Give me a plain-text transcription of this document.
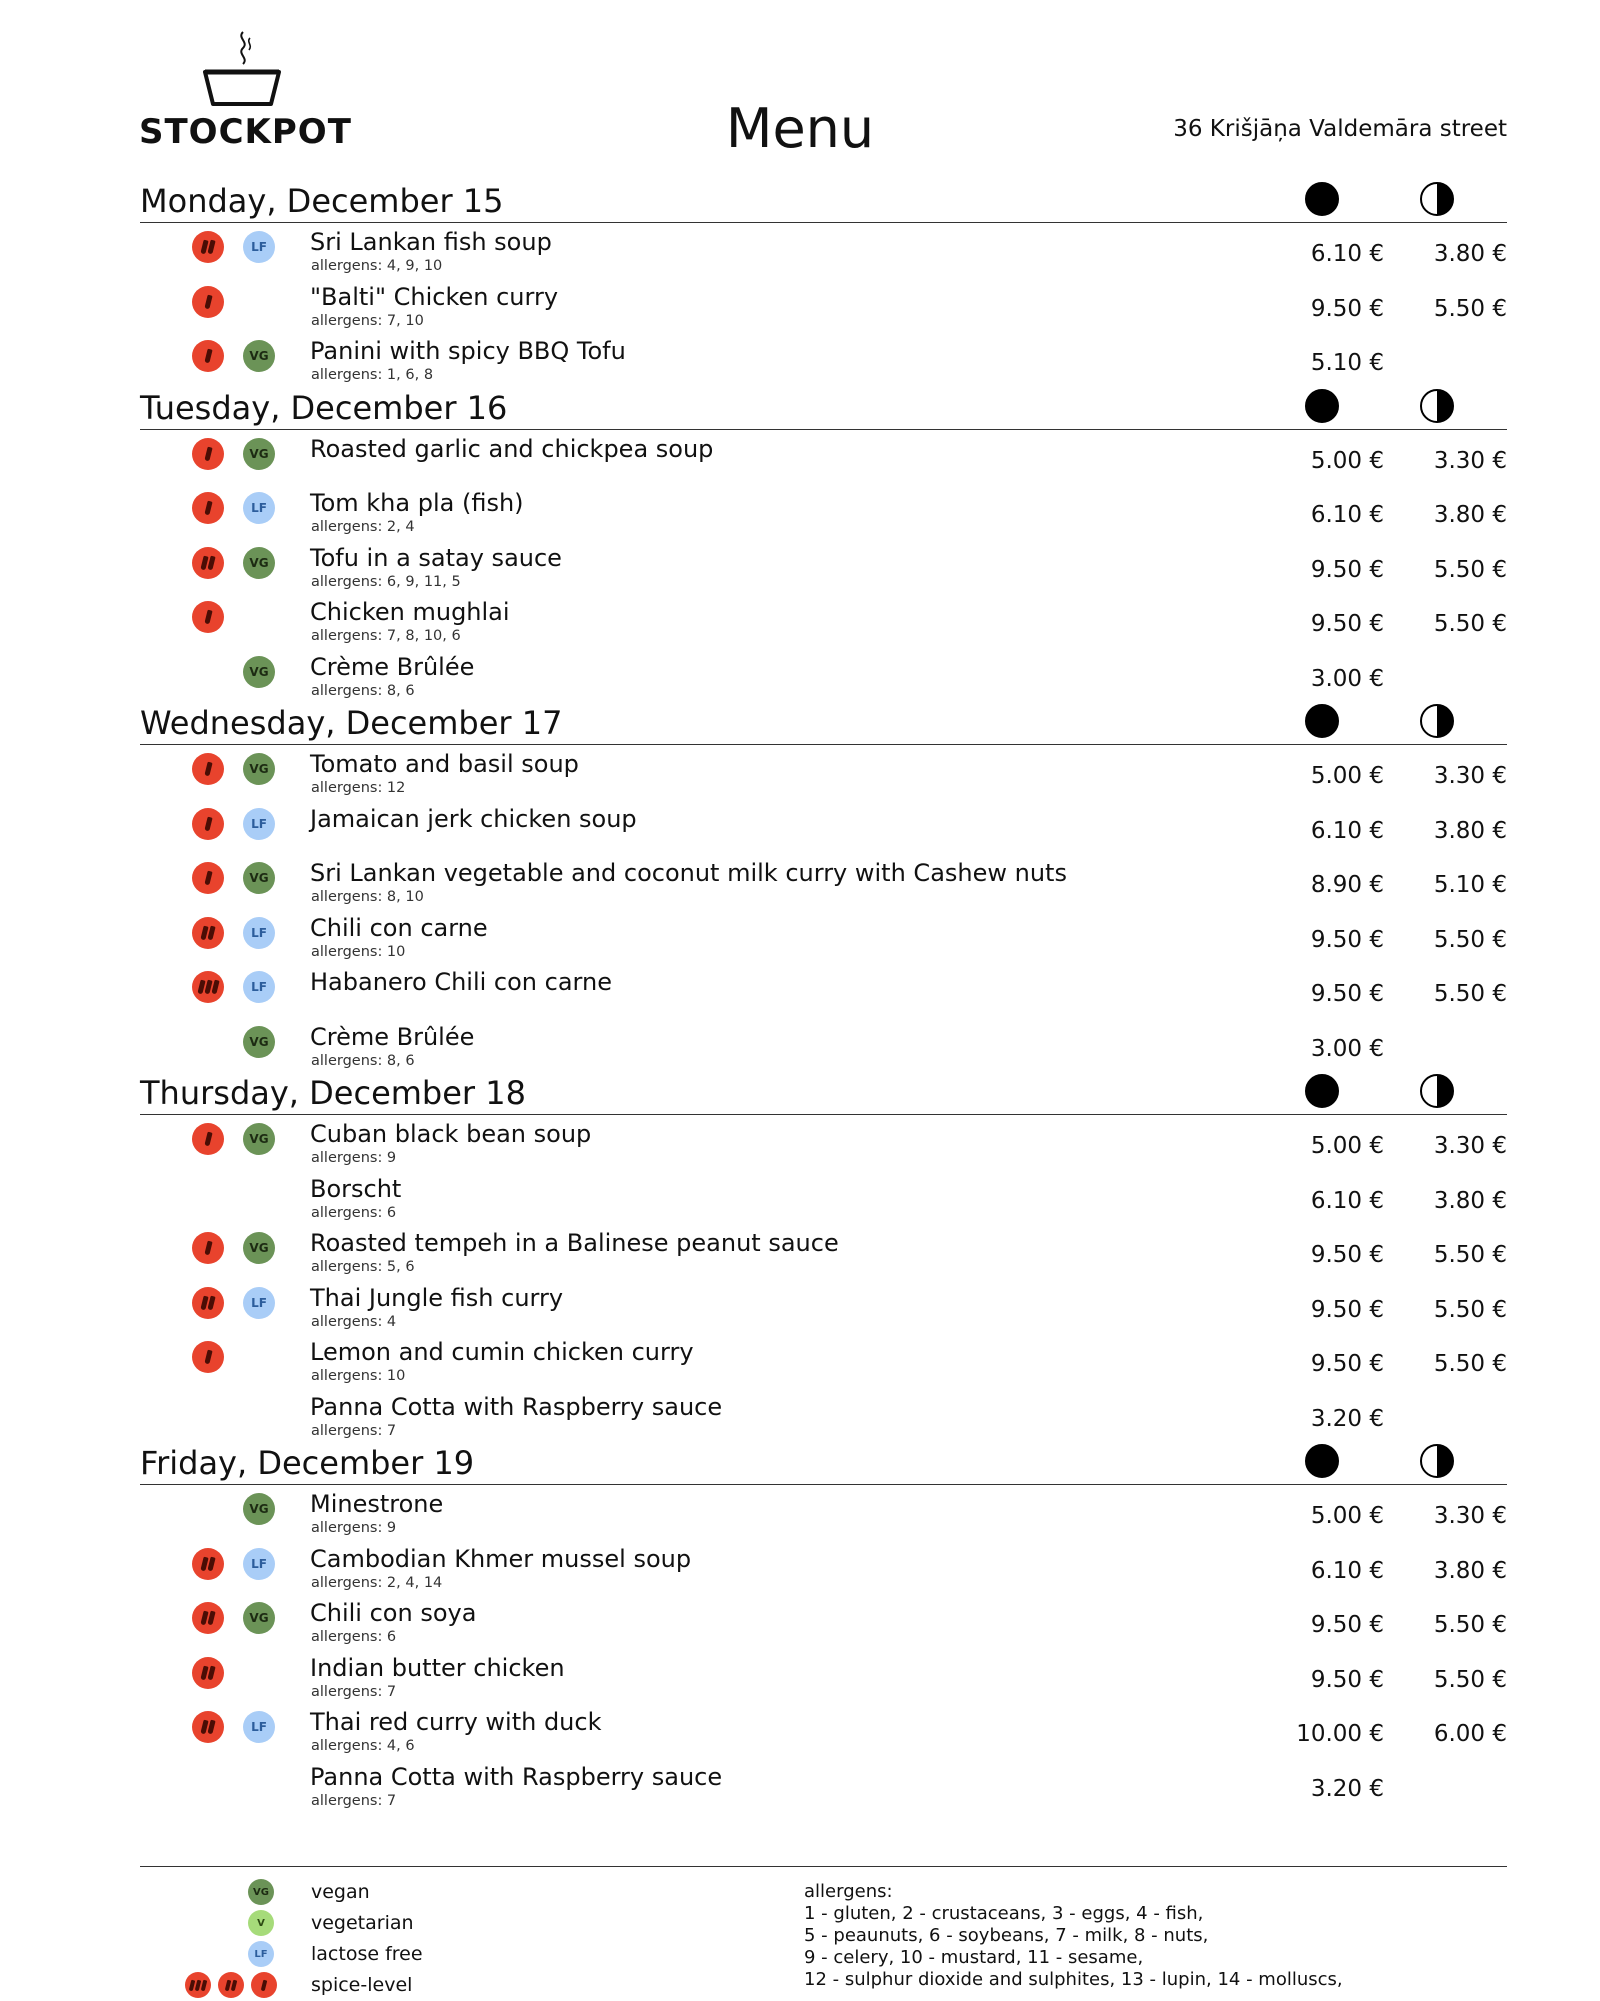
STOCKPOT	Menu	36 Krišjāņa Valdemāra street
Monday, December 15
LF	Sri Lankan fish soup
allergens: 4, 9, 10	6.10 € 3.80 €
"Balti" Chicken curry
allergens: 7, 10	9.50 € 5.50 €
VG Panini with spicy BBQ Tofu
allergens: 1, 6, 8	5.10 €
Tuesday, December 16
VG Roasted garlic and chickpea soup	5.00 € 3.30 €
LF	Tom kha pla (fish)
allergens: 2, 4	6.10 € 3.80 €
VG Tofu in a satay sauce
allergens: 6, 9, 11, 5	9.50 € 5.50 €
Chicken mughlai
allergens: 7, 8, 10, 6	9.50 € 5.50 €
VG Crème Brûlée
allergens: 8, 6	3.00 €
Wednesday, December 17
VG Tomato and basil soup
allergens: 12	5.00 € 3.30 €
LF	Jamaican jerk chicken soup	6.10 € 3.80 €
VG Sri Lankan vegetable and coconut milk curry with Cashew nuts
allergens: 8, 10	8.90 € 5.10 €
LF	Chili con carne
allergens: 10	9.50 € 5.50 €
LF	Habanero Chili con carne	9.50 € 5.50 €
VG Crème Brûlée
allergens: 8, 6	3.00 €
Thursday, December 18
VG Cuban black bean soup
allergens: 9	5.00 € 3.30 €
Borscht
allergens: 6	6.10 € 3.80 €
VG Roasted tempeh in a Balinese peanut sauce
allergens: 5, 6	9.50 € 5.50 €
LF	Thai Jungle fish curry
allergens: 4	9.50 € 5.50 €
Lemon and cumin chicken curry
allergens: 10	9.50 € 5.50 €
Panna Cotta with Raspberry sauce
allergens: 7	3.20 €
Friday, December 19
VG Minestrone
allergens: 9	5.00 € 3.30 €
LF	Cambodian Khmer mussel soup
allergens: 2, 4, 14	6.10 € 3.80 €
VG Chili con soya
allergens: 6	9.50 € 5.50 €
Indian butter chicken
allergens: 7	9.50 € 5.50 €
LF	Thai red curry with duck
allergens: 4, 6	10.00 € 6.00 €
Panna Cotta with Raspberry sauce
allergens: 7	3.20 €
VG vegan
V	vegetarian
LF	lactose free
spice-level
allergens:
1 - gluten, 2 - crustaceans, 3 - eggs, 4 - fish,
5 - peaunuts, 6 - soybeans, 7 - milk, 8 - nuts,
9 - celery, 10 - mustard, 11 - sesame,
12 - sulphur dioxide and sulphites, 13 - lupin, 14 - molluscs,
